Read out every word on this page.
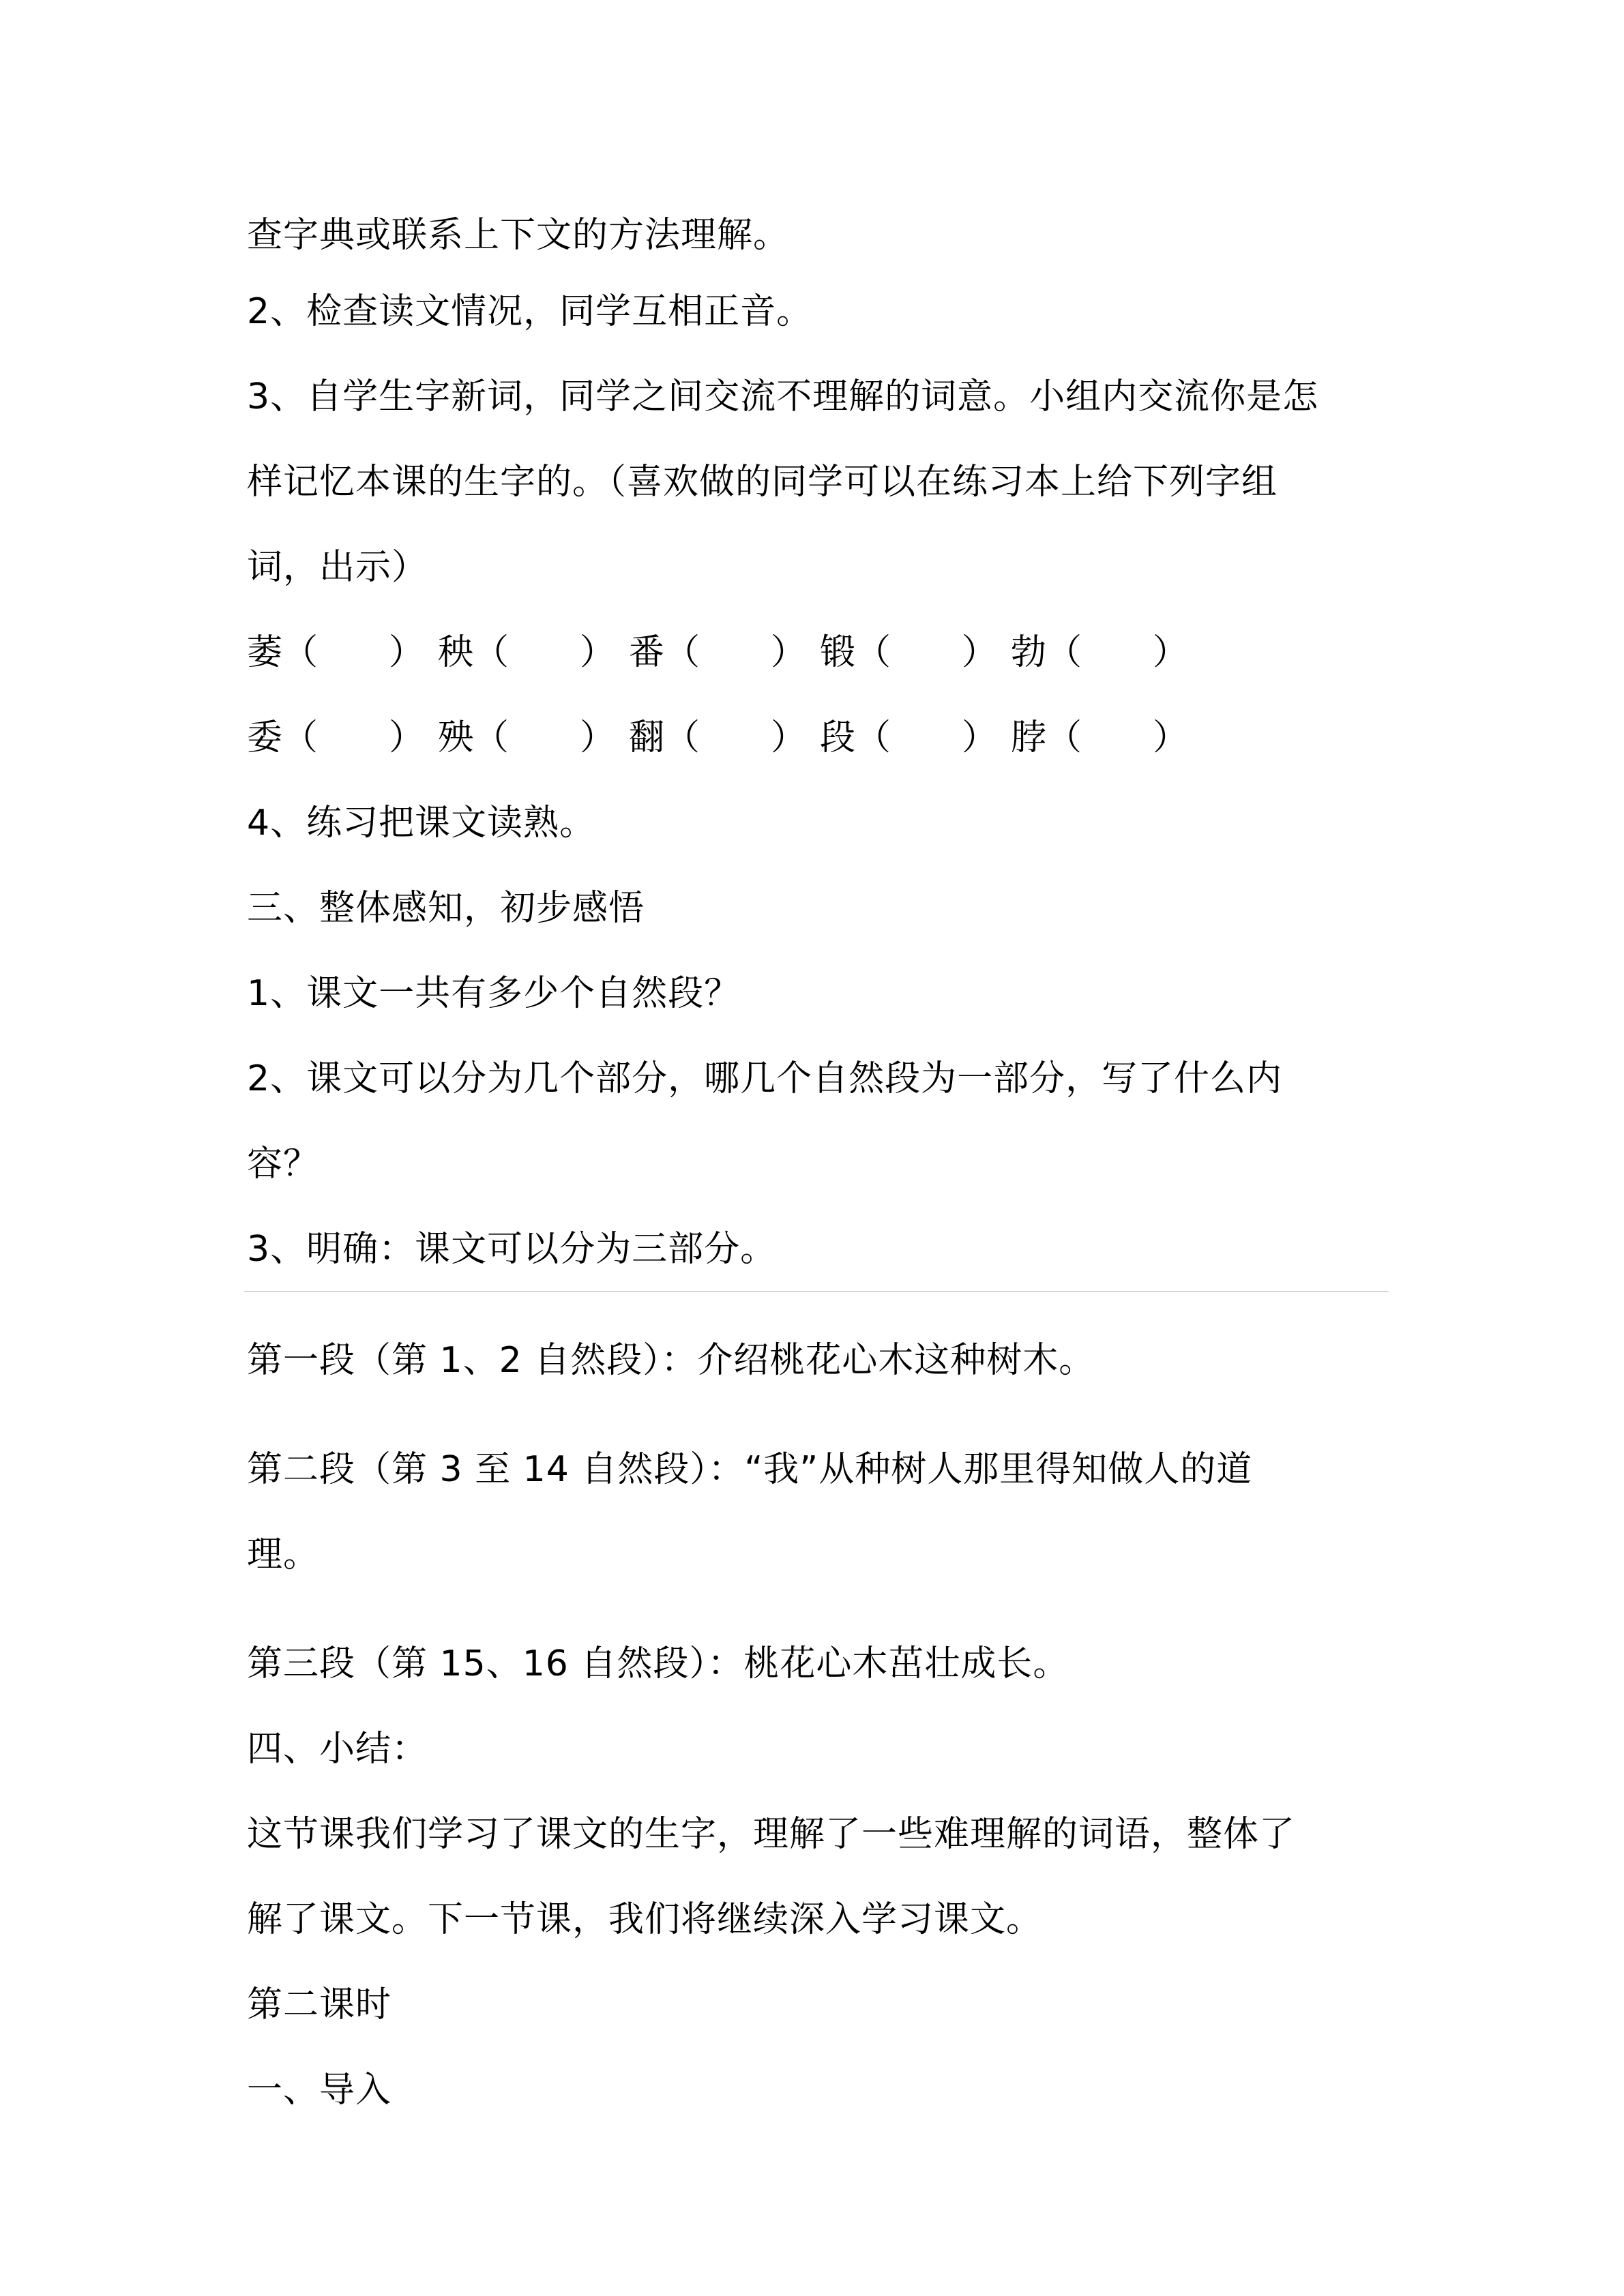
查字典或联系上下文的方法理解。
2、检查读文情况，同学互相正音。
3、自学生字新词，同学之间交流不理解的词意。小组内交流你是怎
样记忆本课的生字的。（喜欢做的同学可以在练习本上给下列字组
词，出示）
萎（　　） 秧（　　） 番（　　） 锻（　　） 勃（　　）
委（　　） 殃（　　） 翻（　　） 段（　　） 脖（　　）
4、练习把课文读熟。
三、整体感知，初步感悟
1、课文一共有多少个自然段？
2、课文可以分为几个部分，哪几个自然段为一部分，写了什么内
容？
3、明确：课文可以分为三部分。
第一段（第 1、2 自然段）：介绍桃花心木这种树木。
第二段（第 3 至 14 自然段）：“我”从种树人那里得知做人的道
理。
第三段（第 15、16 自然段）：桃花心木茁壮成长。
四、小结：
这节课我们学习了课文的生字，理解了一些难理解的词语，整体了
解了课文。下一节课，我们将继续深入学习课文。
第二课时
一、导入
